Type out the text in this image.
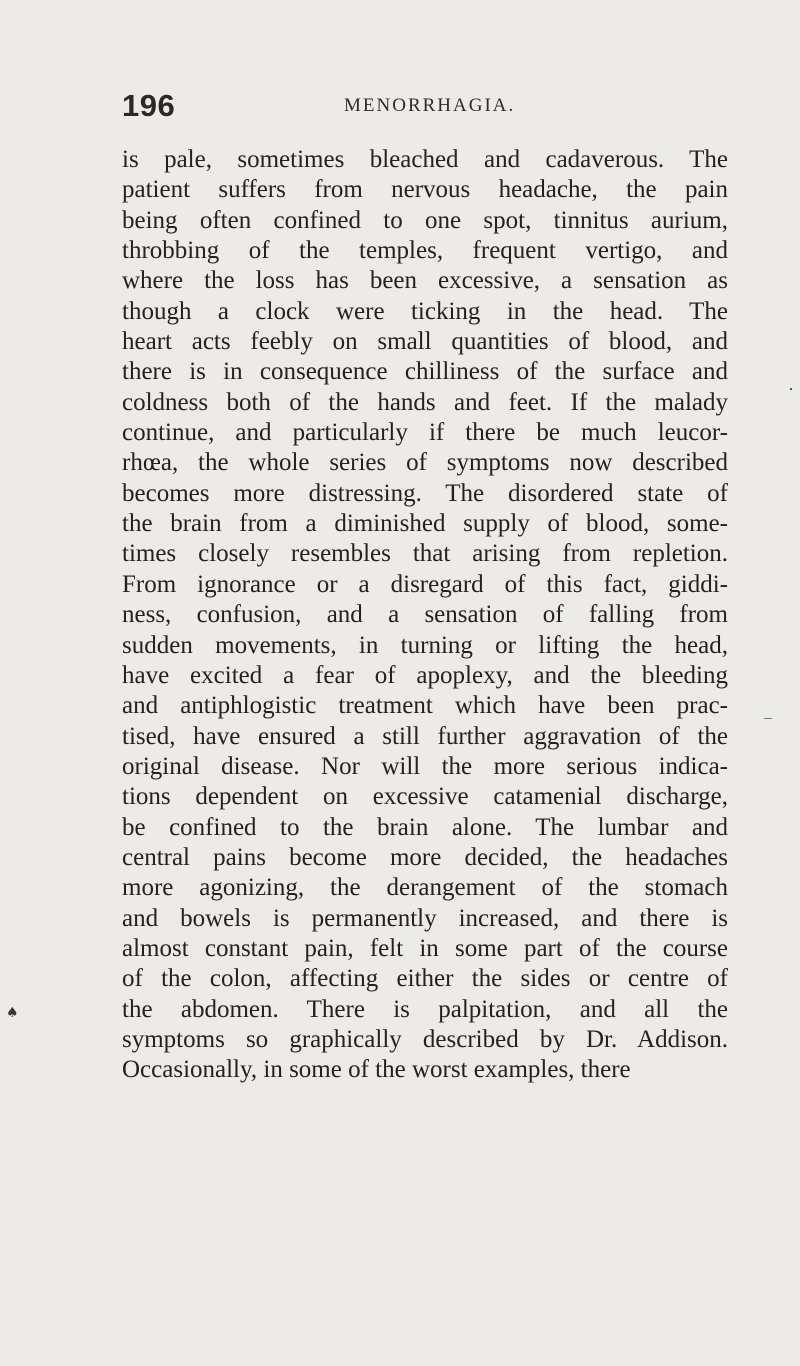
196	MENORRHAGIA.
is pale, sometimes bleached and cadaverous. The
patient suffers from nervous headache, the pain
being often confined to one spot, tinnitus aurium,
throbbing of the temples, frequent vertigo, and
where the loss has been excessive, a sensation as
though a clock were ticking in the head. The
heart acts feebly on small quantities of blood, and
there is in consequence chilliness of the surface and
coldness both of the hands and feet. If the malady
continue, and particularly if there be much leucor-
rhœa, the whole series of symptoms now described
becomes more distressing. The disordered state of
the brain from a diminished supply of blood, some-
times closely resembles that arising from repletion.
From ignorance or a disregard of this fact, giddi-
ness, confusion, and a sensation of falling from
sudden movements, in turning or lifting the head,
have excited a fear of apoplexy, and the bleeding
and antiphlogistic treatment which have been prac-
tised, have ensured a still further aggravation of the
original disease. Nor will the more serious indica-
tions dependent on excessive catamenial discharge,
be confined to the brain alone. The lumbar and
central pains become more decided, the headaches
more agonizing, the derangement of the stomach
and bowels is permanently increased, and there is
almost constant pain, felt in some part of the course
of the colon, affecting either the sides or centre of
the abdomen. There is palpitation, and all the
symptoms so graphically described by Dr. Addison.
Occasionally, in some of the worst examples, there
♠
